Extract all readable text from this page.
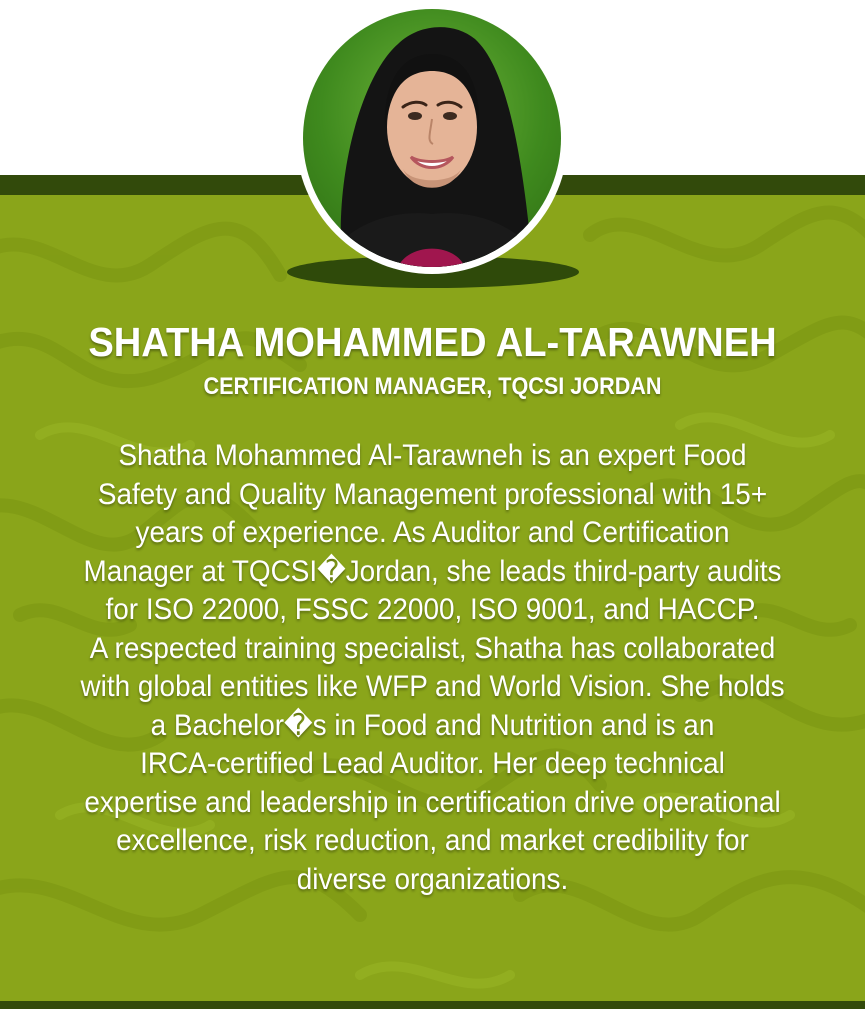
SHATHA MOHAMMED AL-TARAWNEH
CERTIFICATION MANAGER, TQCSI JORDAN
Shatha Mohammed Al-Tarawneh is an expert Food
Safety and Quality Management professional with 15+
years of experience. As Auditor and Certification
Manager at TQCSI�Jordan, she leads third-party audits
for ISO 22000, FSSC 22000, ISO 9001, and HACCP.
A respected training specialist, Shatha has collaborated
with global entities like WFP and World Vision. She holds
a Bachelor�s in Food and Nutrition and is an
IRCA-certified Lead Auditor. Her deep technical
expertise and leadership in certification drive operational
excellence, risk reduction, and market credibility for
diverse organizations.
